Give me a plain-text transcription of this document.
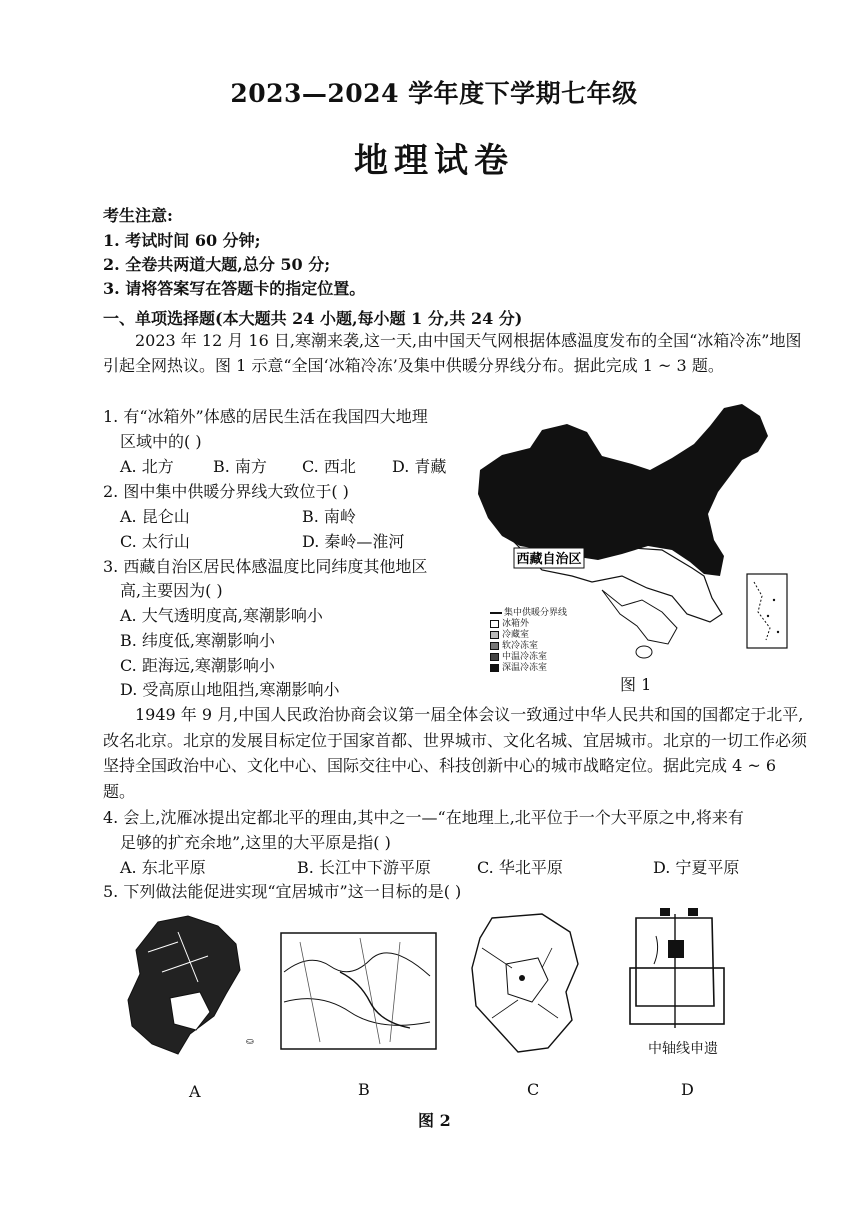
2023—2024 学年度下学期七年级
地理试卷
考生注意:
1. 考试时间 60 分钟;
2. 全卷共两道大题,总分 50 分;
3. 请将答案写在答题卡的指定位置。
一、单项选择题(本大题共 24 小题,每小题 1 分,共 24 分)
2023 年 12 月 16 日,寒潮来袭,这一天,由中国天气网根据体感温度发布的全国“冰箱冷冻”地图引起全网热议。图 1 示意“全国‘冰箱冷冻’及集中供暖分界线分布。据此完成 1 ~ 3 题。
1. 有“冰箱外”体感的居民生活在我国四大地理
区域中的( )
A. 北方 B. 南方 C. 西北 D. 青藏
2. 图中集中供暖分界线大致位于( )
A. 昆仑山	B. 南岭
C. 太行山	D. 秦岭—淮河
3. 西藏自治区居民体感温度比同纬度其他地区
高,主要因为( )
A. 大气透明度高,寒潮影响小
B. 纬度低,寒潮影响小
C. 距海远,寒潮影响小
D. 受高原山地阻挡,寒潮影响小
西藏自治区
集中供暖分界线
冰箱外
冷藏室
软冷冻室
中温冷冻室
深温冷冻室
图 1
1949 年 9 月,中国人民政治协商会议第一届全体会议一致通过中华人民共和国的国都定于北平,改名北京。北京的发展目标定位于国家首都、世界城市、文化名城、宜居城市。北京的一切工作必须坚持全国政治中心、文化中心、国际交往中心、科技创新中心的城市战略定位。据此完成 4 ~ 6 题。
4. 会上,沈雁冰提出定都北平的理由,其中之一—“在地理上,北平位于一个大平原之中,将来有
足够的扩充余地”,这里的大平原是指( )
A. 东北平原	B. 长江中下游平原	C. 华北平原	D. 宁夏平原
5. 下列做法能促进实现“宜居城市”这一目标的是( )
⛀	中轴线申遗
A	B	C	D
图 2
